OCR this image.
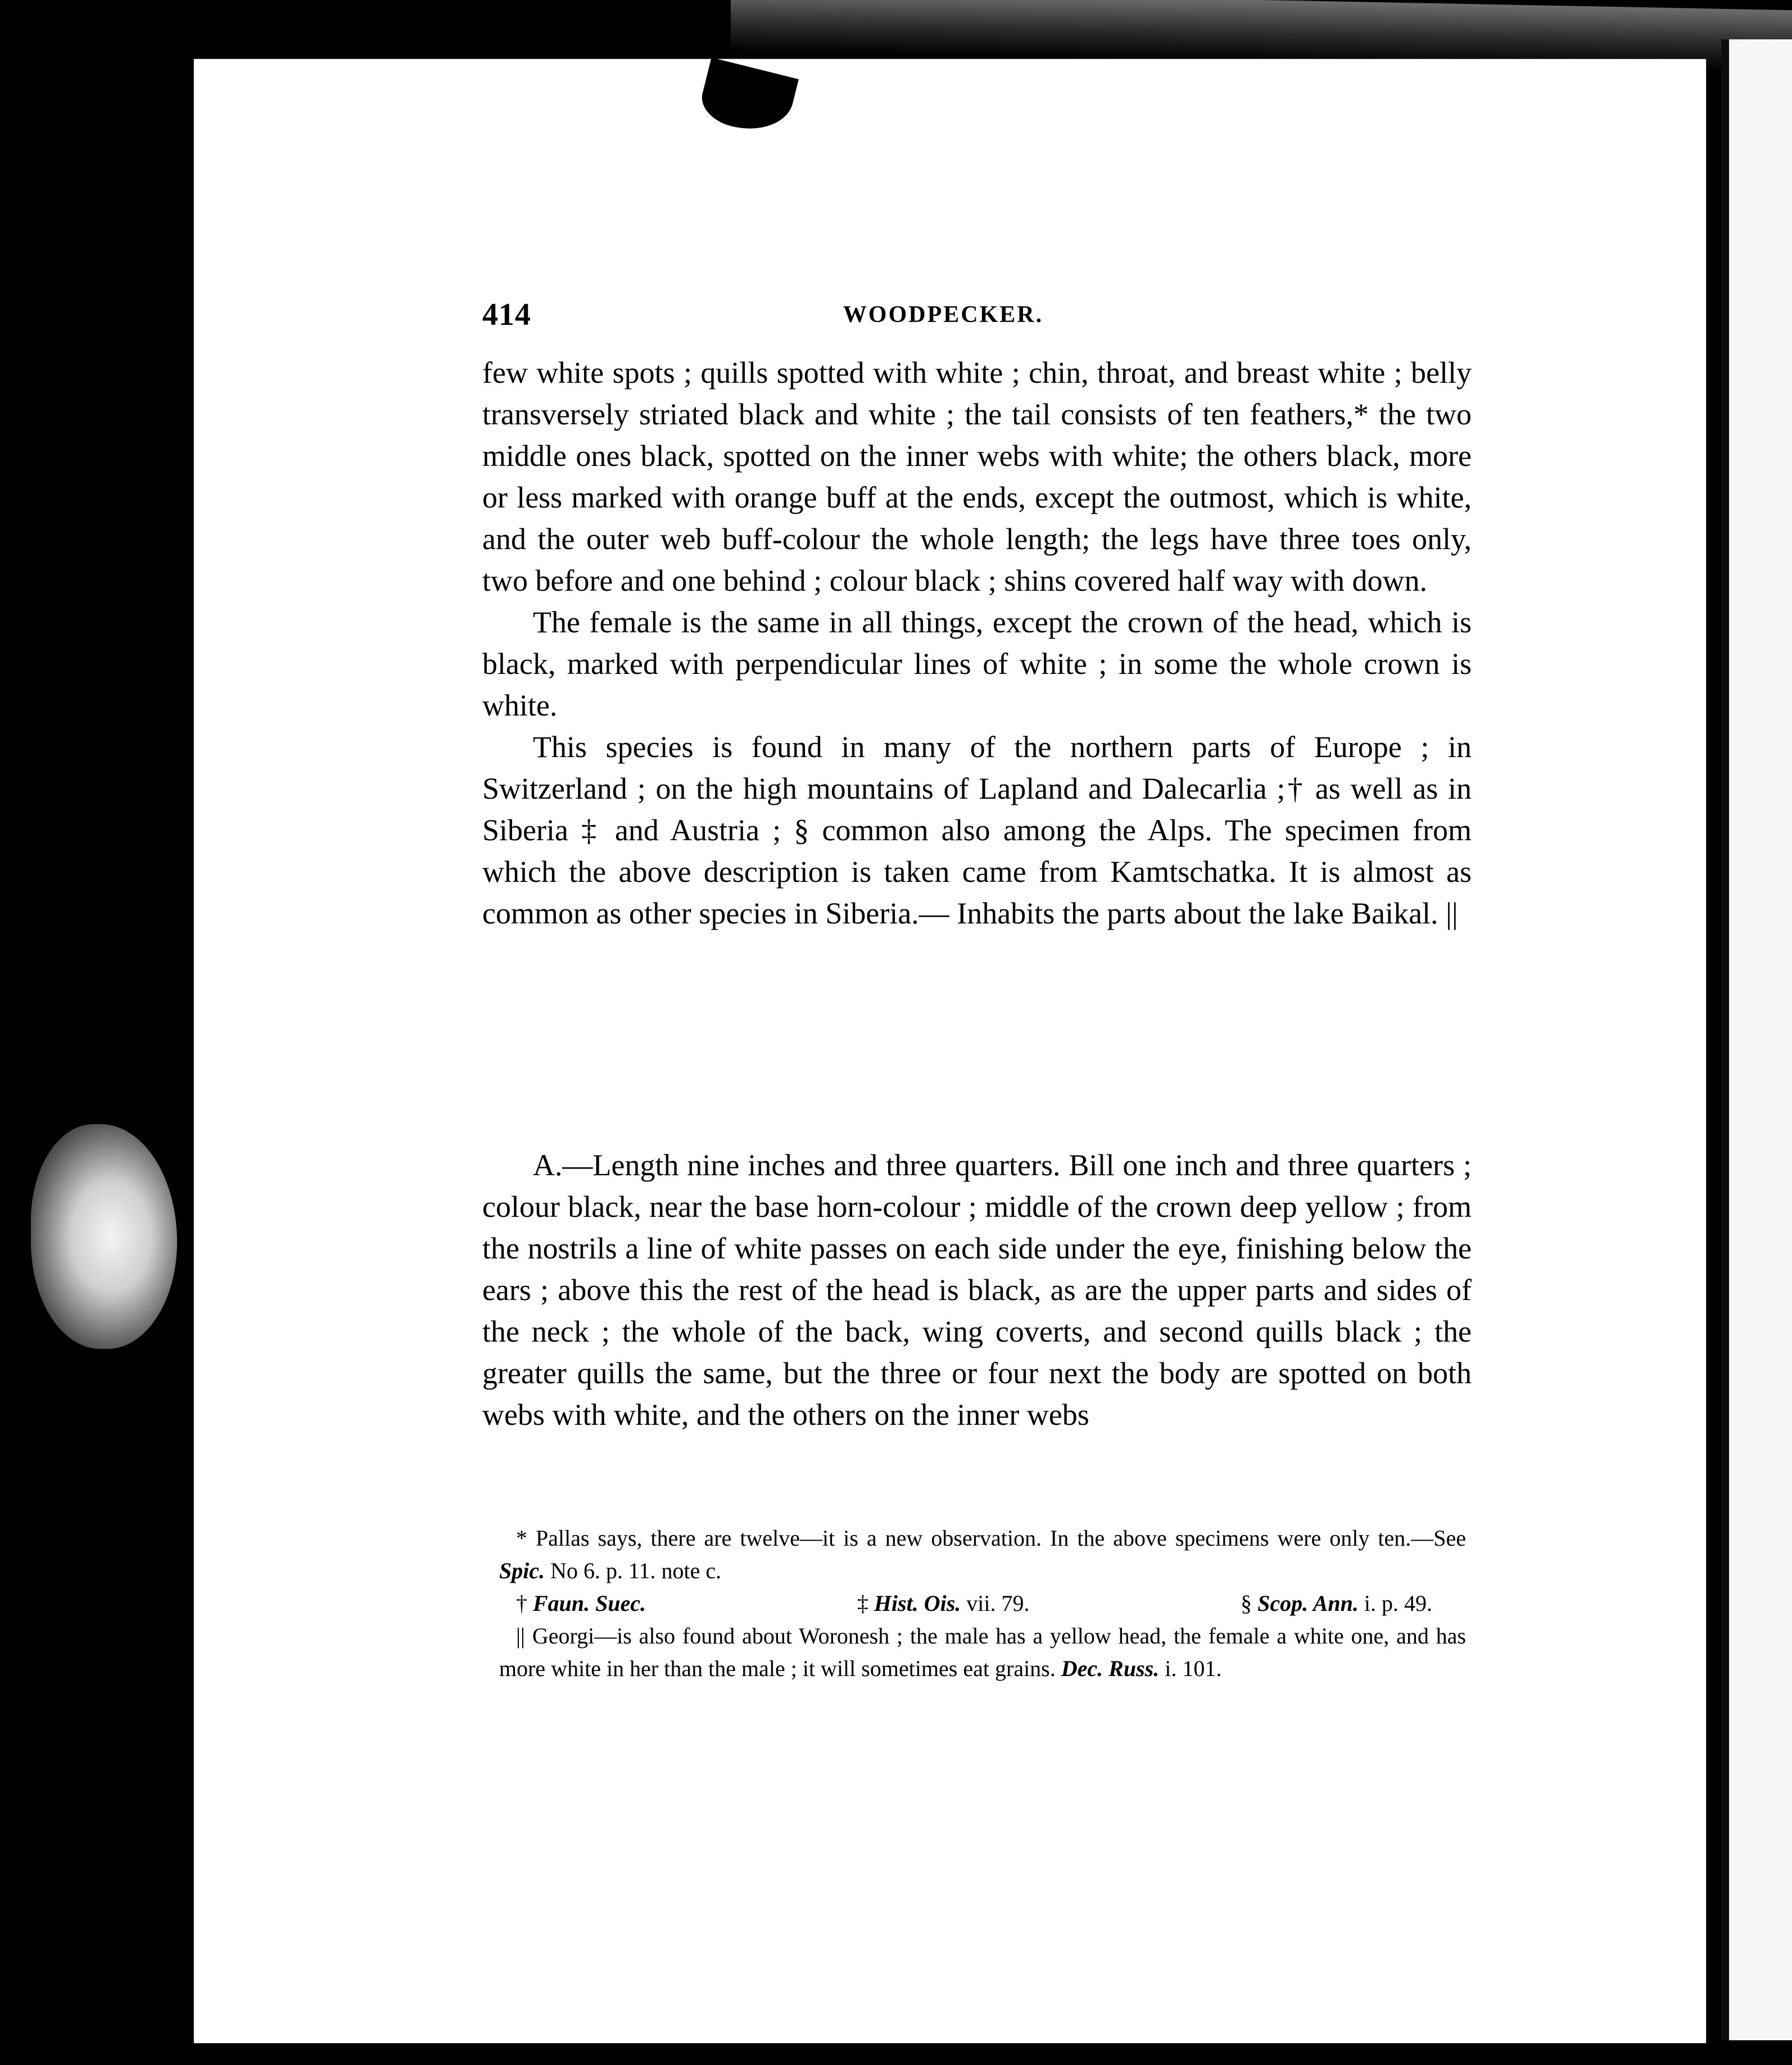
414	WOODPECKER.

few white spots ; quills spotted with white ; chin, throat, and breast white ; belly transversely striated black and white ; the tail consists of ten feathers,* the two middle ones black, spotted on the inner webs with white; the others black, more or less marked with orange buff at the ends, except the outmost, which is white, and the outer web buff-colour the whole length; the legs have three toes only, two before and one behind ; colour black ; shins covered half way with down.

The female is the same in all things, except the crown of the head, which is black, marked with perpendicular lines of white ; in some the whole crown is white.

This species is found in many of the northern parts of Europe ; in Switzerland ; on the high mountains of Lapland and Dalecarlia ;† as well as in Siberia ‡ and Austria ; § common also among the Alps. The specimen from which the above description is taken came from Kamtschatka. It is almost as common as other species in Siberia.— Inhabits the parts about the lake Baikal. ||

A.—Length nine inches and three quarters. Bill one inch and three quarters ; colour black, near the base horn-colour ; middle of the crown deep yellow ; from the nostrils a line of white passes on each side under the eye, finishing below the ears ; above this the rest of the head is black, as are the upper parts and sides of the neck ; the whole of the back, wing coverts, and second quills black ; the greater quills the same, but the three or four next the body are spotted on both webs with white, and the others on the inner webs

* Pallas says, there are twelve—it is a new observation. In the above specimens were only ten.—See Spic. No 6. p. 11. note c.

† Faun. Suec.	‡ Hist. Ois. vii. 79.	§ Scop. Ann. i. p. 49.

|| Georgi—is also found about Woronesh ; the male has a yellow head, the female a white one, and has more white in her than the male ; it will sometimes eat grains. Dec. Russ. i. 101.
